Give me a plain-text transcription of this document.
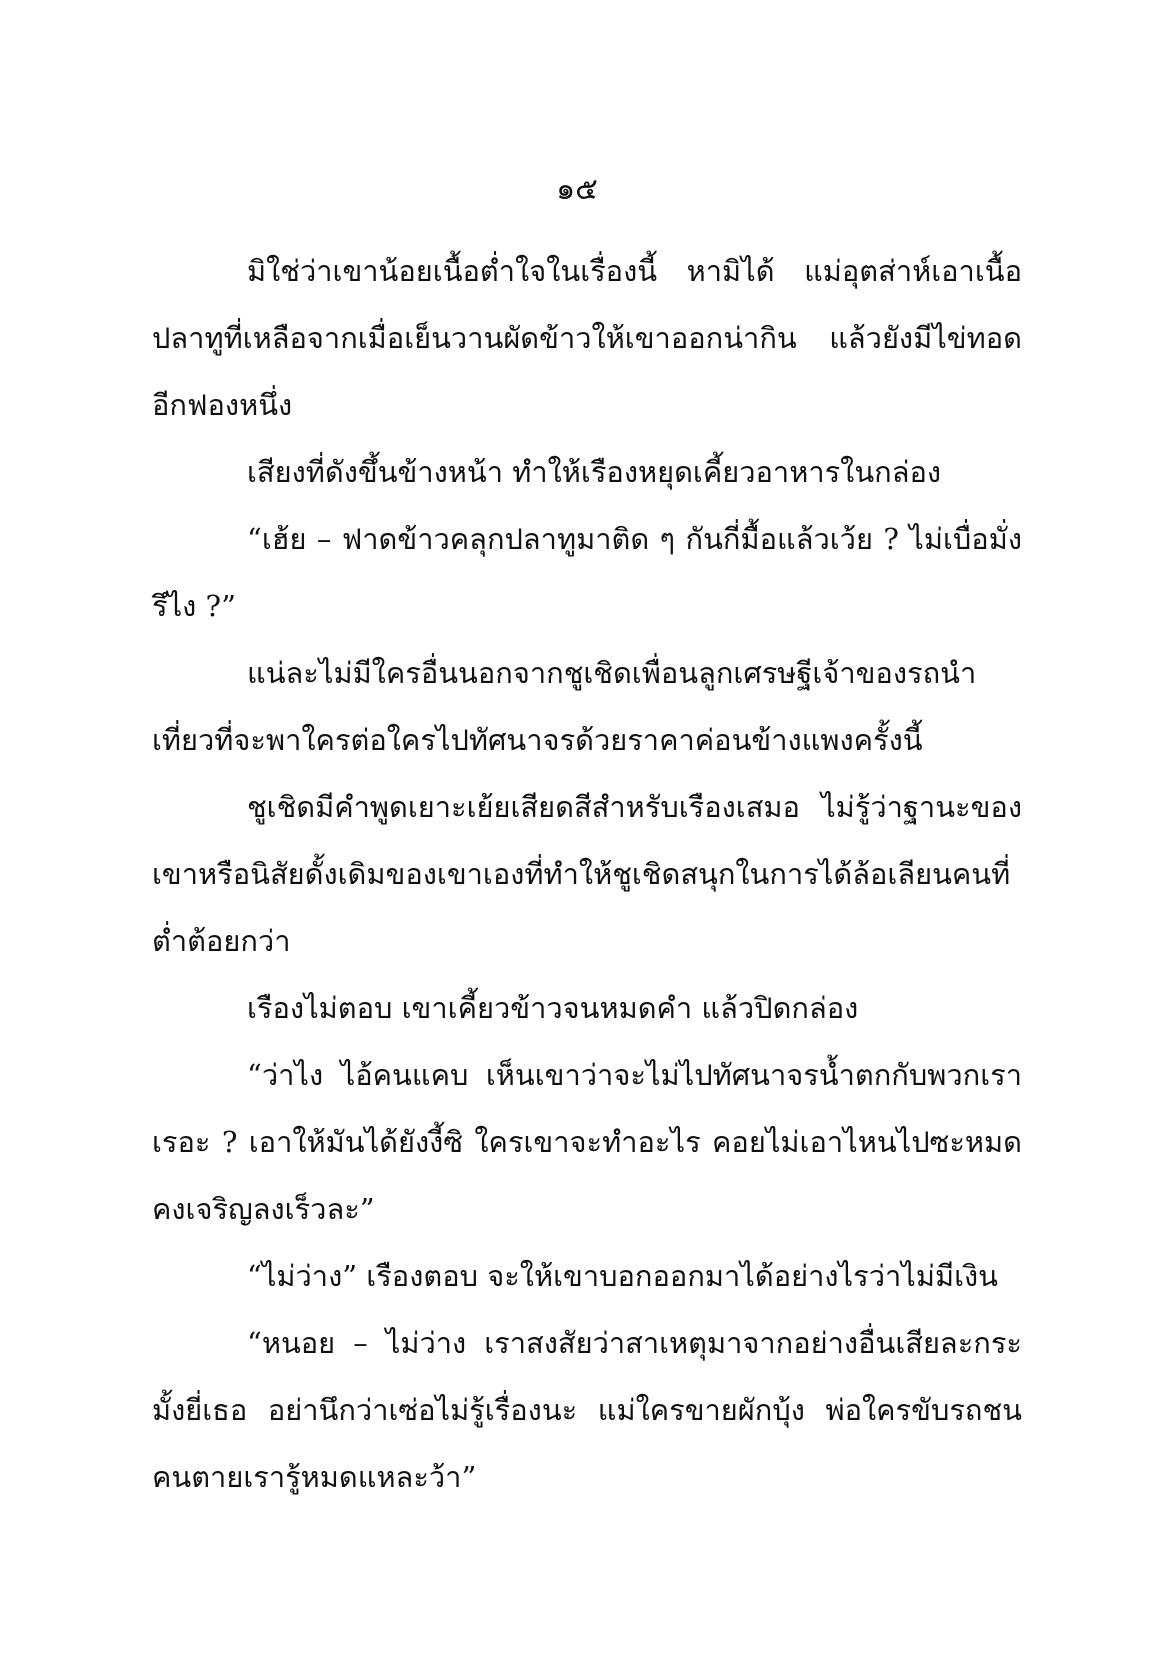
๑๕

มิใช่ว่าเขาน้อยเนื้อต่ำใจในเรื่องนี้ หามิได้ แม่อุตส่าห์เอาเนื้อปลาทูที่เหลือจากเมื่อเย็นวานผัดข้าวให้เขาออกน่ากิน แล้วยังมีไข่ทอดอีกฟองหนึ่ง

เสียงที่ดังขึ้นข้างหน้า ทำให้เรืองหยุดเคี้ยวอาหารในกล่อง

“เฮ้ย – ฟาดข้าวคลุกปลาทูมาติด ๆ กันกี่มื้อแล้วเว้ย ? ไม่เบื่อมั่งรึไง ?”

แน่ละไม่มีใครอื่นนอกจากชูเชิดเพื่อนลูกเศรษฐีเจ้าของรถนำเที่ยวที่จะพาใครต่อใครไปทัศนาจรด้วยราคาค่อนข้างแพงครั้งนี้

ชูเชิดมีคำพูดเยาะเย้ยเสียดสีสำหรับเรืองเสมอ ไม่รู้ว่าฐานะของเขาหรือนิสัยดั้งเดิมของเขาเองที่ทำให้ชูเชิดสนุกในการได้ล้อเลียนคนที่ต่ำต้อยกว่า

เรืองไม่ตอบ เขาเคี้ยวข้าวจนหมดคำ แล้วปิดกล่อง

“ว่าไง ไอ้คนแคบ เห็นเขาว่าจะไม่ไปทัศนาจรน้ำตกกับพวกเราเรอะ ? เอาให้มันได้ยังงี้ซิ ใครเขาจะทำอะไร คอยไม่เอาไหนไปซะหมดคงเจริญลงเร็วละ”

“ไม่ว่าง” เรืองตอบ จะให้เขาบอกออกมาได้อย่างไรว่าไม่มีเงิน

“หนอย – ไม่ว่าง เราสงสัยว่าสาเหตุมาจากอย่างอื่นเสียละกระมั้งยี่เธอ อย่านึกว่าเซ่อไม่รู้เรื่องนะ แม่ใครขายผักบุ้ง พ่อใครขับรถชนคนตายเรารู้หมดแหละว้า”
